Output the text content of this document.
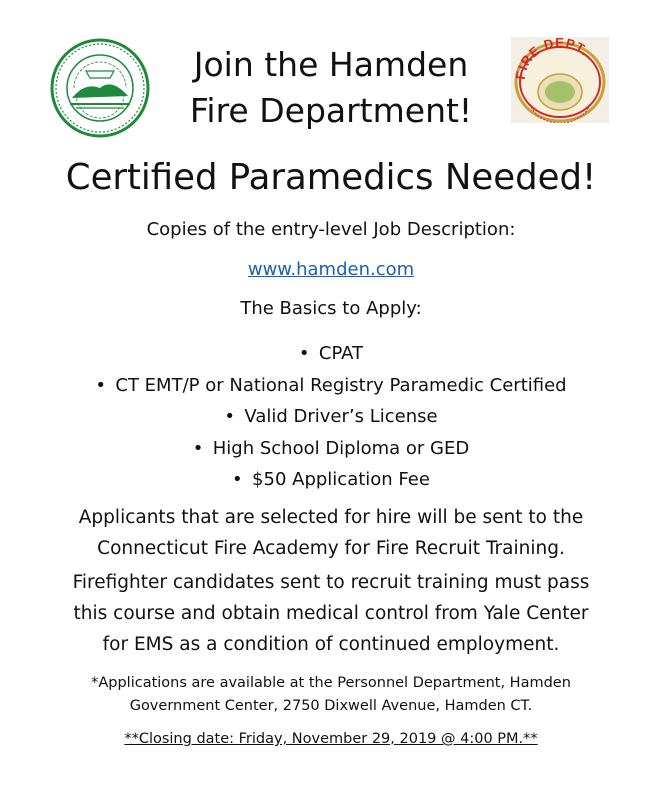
FIRE DEPT.
Join the Hamden
Fire Department!
Certified Paramedics Needed!

Copies of the entry-level Job Description:

www.hamden.com

The Basics to Apply:

• CPAT
• CT EMT/P or National Registry Paramedic Certified
• Valid Driver’s License
• High School Diploma or GED
• $50 Application Fee

Applicants that are selected for hire will be sent to the
Connecticut Fire Academy for Fire Recruit Training.

Firefighter candidates sent to recruit training must pass
this course and obtain medical control from Yale Center
for EMS as a condition of continued employment.

*Applications are available at the Personnel Department, Hamden
Government Center, 2750 Dixwell Avenue, Hamden CT.

**Closing date: Friday, November 29, 2019 @ 4:00 PM.**
